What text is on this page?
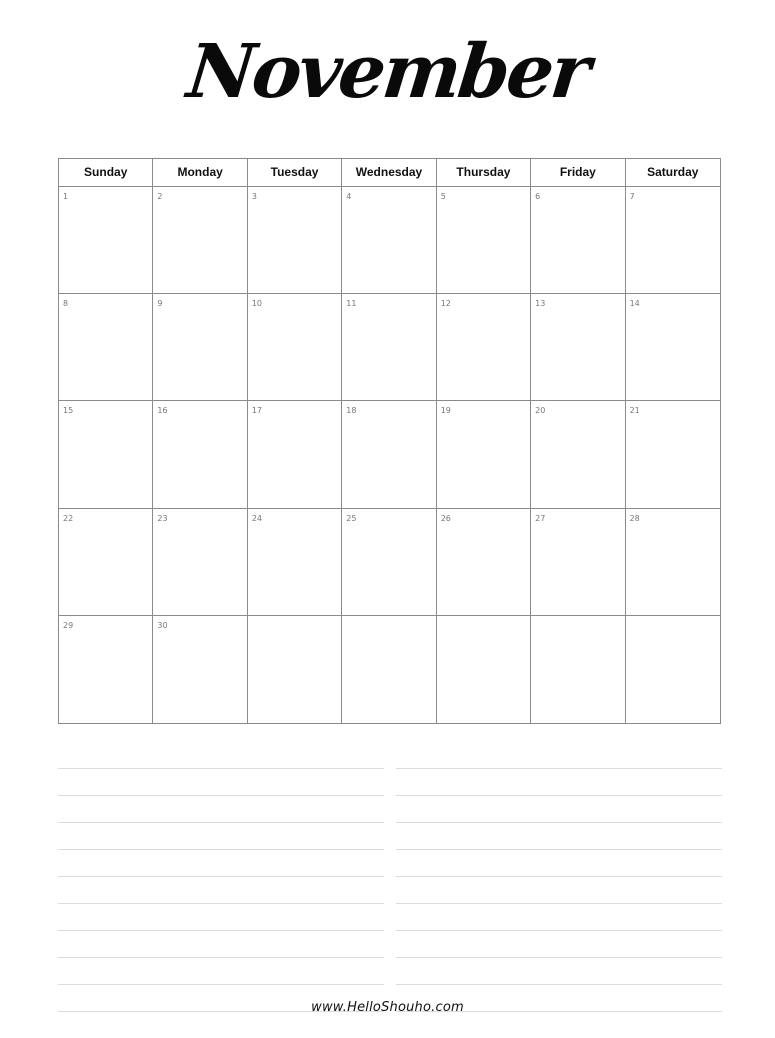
November
Sunday	Monday	Tuesday	Wednesday	Thursday	Friday	Saturday
1	2	3	4	5	6	7
8	9	10	11	12	13	14
15	16	17	18	19	20	21
22	23	24	25	26	27	28
29	30
www.HelloShouho.com
